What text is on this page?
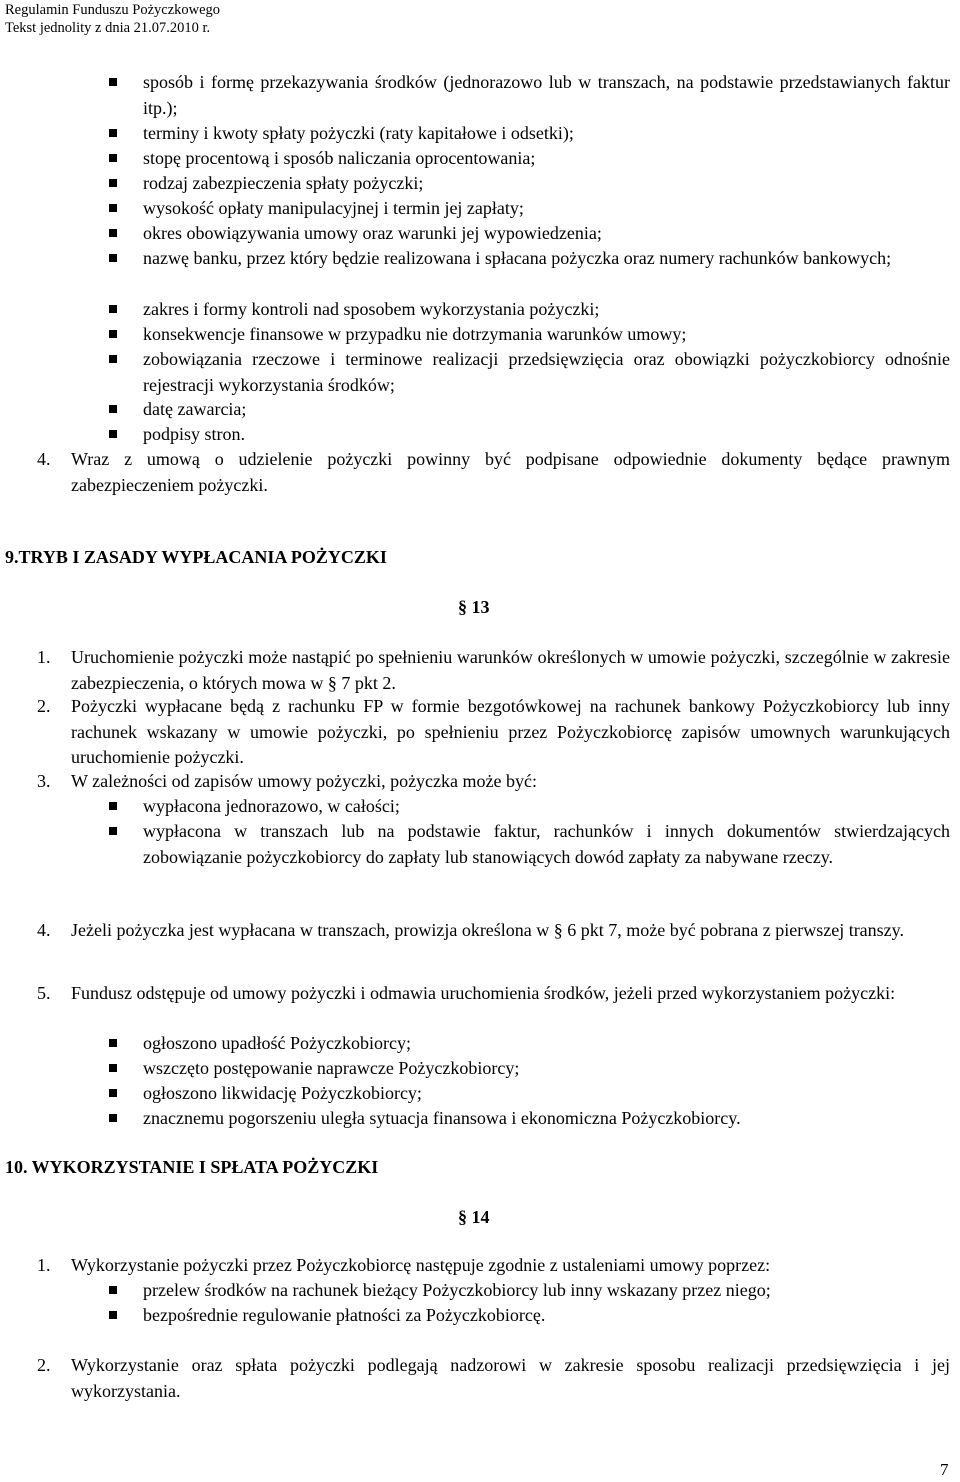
Regulamin Funduszu Pożyczkowego
Tekst jednolity z dnia 21.07.2010 r.
sposób i formę przekazywania środków (jednorazowo lub w transzach, na podstawie przedstawianych faktur itp.);
terminy i kwoty spłaty pożyczki (raty kapitałowe i odsetki);
stopę procentową i sposób naliczania oprocentowania;
rodzaj zabezpieczenia spłaty pożyczki;
wysokość opłaty manipulacyjnej i termin jej zapłaty;
okres obowiązywania umowy oraz warunki jej wypowiedzenia;
nazwę banku, przez który będzie realizowana i spłacana pożyczka oraz numery rachunków bankowych;
zakres i formy kontroli nad sposobem wykorzystania pożyczki;
konsekwencje finansowe w przypadku nie dotrzymania warunków umowy;
zobowiązania rzeczowe i terminowe realizacji przedsięwzięcia oraz obowiązki pożyczkobiorcy odnośnie rejestracji wykorzystania środków;
datę zawarcia;
podpisy stron.
4. Wraz z umową o udzielenie pożyczki powinny być podpisane odpowiednie dokumenty będące prawnym zabezpieczeniem pożyczki.
9.TRYB I ZASADY WYPŁACANIA POŻYCZKI
§ 13
1. Uruchomienie pożyczki może nastąpić po spełnieniu warunków określonych w umowie pożyczki, szczególnie w zakresie zabezpieczenia, o których mowa w § 7 pkt 2.
2. Pożyczki wypłacane będą z rachunku FP w formie bezgotówkowej na rachunek bankowy Pożyczkobiorcy lub inny rachunek wskazany w umowie pożyczki, po spełnieniu przez Pożyczkobiorcę zapisów umownych warunkujących uruchomienie pożyczki.
3. W zależności od zapisów umowy pożyczki, pożyczka może być:
wypłacona jednorazowo, w całości;
wypłacona w transzach lub na podstawie faktur, rachunków i innych dokumentów stwierdzających zobowiązanie pożyczkobiorcy do zapłaty lub stanowiących dowód zapłaty za nabywane rzeczy.
4. Jeżeli pożyczka jest wypłacana w transzach, prowizja określona w § 6 pkt 7, może być pobrana z pierwszej transzy.
5. Fundusz odstępuje od umowy pożyczki i odmawia uruchomienia środków, jeżeli przed wykorzystaniem pożyczki:
ogłoszono upadłość Pożyczkobiorcy;
wszczęto postępowanie naprawcze Pożyczkobiorcy;
ogłoszono likwidację Pożyczkobiorcy;
znacznemu pogorszeniu uległa sytuacja finansowa i ekonomiczna Pożyczkobiorcy.
10. WYKORZYSTANIE I SPŁATA POŻYCZKI
§ 14
1. Wykorzystanie pożyczki przez Pożyczkobiorcę następuje zgodnie z ustaleniami umowy poprzez:
przelew środków na rachunek bieżący Pożyczkobiorcy lub inny wskazany przez niego;
bezpośrednie regulowanie płatności za Pożyczkobiorcę.
2. Wykorzystanie oraz spłata pożyczki podlegają nadzorowi w zakresie sposobu realizacji przedsięwzięcia i jej wykorzystania.
7
